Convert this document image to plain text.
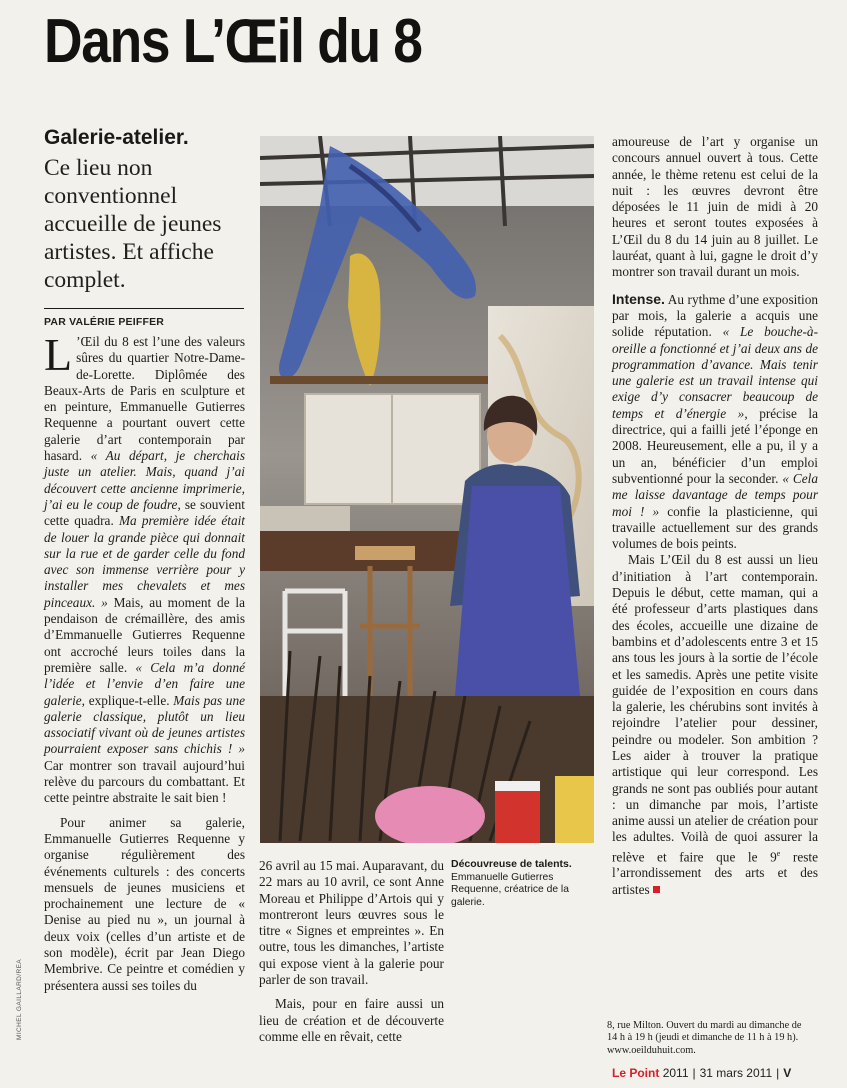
Dans L’Œil du 8
Galerie-atelier.
Ce lieu non conventionnel accueille de jeunes artistes. Et affiche complet.
PAR VALÉRIE PEIFFER

L ’Œil du 8 est l’une des valeurs sûres du quartier Notre-Dame-de-Lorette. Diplômée des Beaux-Arts de Paris en sculpture et en peinture, Emmanuelle Gutierres Requenne a pourtant ouvert cette galerie d’art contemporain par hasard. « Au départ, je cherchais juste un atelier. Mais, quand j’ai découvert cette ancienne imprimerie, j’ai eu le coup de foudre, se souvient cette quadra. Ma première idée était de louer la grande pièce qui donnait sur la rue et de garder celle du fond avec son immense verrière pour y installer mes chevalets et mes pinceaux. » Mais, au moment de la pendaison de crémaillère, des amis d’Emmanuelle Gutierres Requenne ont accroché leurs toiles dans la première salle. « Cela m’a donné l’idée et l’envie d’en faire une galerie, explique-t-elle. Mais pas une galerie classique, plutôt un lieu associatif vivant où de jeunes artistes pourraient exposer sans chichis ! » Car montrer son travail aujourd’hui relève du parcours du combattant. Et cette peintre abstraite le sait bien !

Pour animer sa galerie, Emmanuelle Gutierres Requenne y organise régulièrement des événements culturels : des concerts mensuels de jeunes musiciens et prochainement une lecture de « Denise au pied nu », un journal à deux voix (celles d’un artiste et de son modèle), écrit par Jean Diego Membrive. Ce peintre et comédien y présentera aussi ses toiles du

MICHEL GAILLARD/REA

26 avril au 15 mai. Auparavant, du 22 mars au 10 avril, ce sont Anne Moreau et Philippe d’Artois qui y montreront leurs œuvres sous le titre « Signes et empreintes ». En outre, tous les dimanches, l’artiste qui expose vient à la galerie pour parler de son travail.

Mais, pour en faire aussi un lieu de création et de découverte comme elle en rêvait, cette

Découvreuse de talents. Emmanuelle Gutierres Requenne, créatrice de la galerie.

amoureuse de l’art y organise un concours annuel ouvert à tous. Cette année, le thème retenu est celui de la nuit : les œuvres devront être déposées le 11 juin de midi à 20 heures et seront toutes exposées à L’Œil du 8 du 14 juin au 8 juillet. Le lauréat, quant à lui, gagne le droit d’y montrer son travail durant un mois.

Intense. Au rythme d’une exposition par mois, la galerie a acquis une solide réputation. « Le bouche-à-oreille a fonctionné et j’ai deux ans de programmation d’avance. Mais tenir une galerie est un travail intense qui exige d’y consacrer beaucoup de temps et d’énergie », précise la directrice, qui a failli jeté l’éponge en 2008. Heureusement, elle a pu, il y a un an, bénéficier d’un emploi subventionné pour la seconder. « Cela me laisse davantage de temps pour moi ! » confie la plasticienne, qui travaille actuellement sur des grands volumes de bois peints.

Mais L’Œil du 8 est aussi un lieu d’initiation à l’art contemporain. Depuis le début, cette maman, qui a été professeur d’arts plastiques dans des écoles, accueille une dizaine de bambins et d’adolescents entre 3 et 15 ans tous les jours à la sortie de l’école et les samedis. Après une petite visite guidée de l’exposition en cours dans la galerie, les chérubins sont invités à rejoindre l’atelier pour dessiner, peindre ou modeler. Son ambition ? Les aider à trouver la pratique artistique qui leur correspond. Les grands ne sont pas oubliés pour autant : un dimanche par mois, l’artiste anime aussi un atelier de création pour les adultes. Voilà de quoi assurer la relève et faire que le 9e reste l’arrondissement des arts et des artistes

8, rue Milton. Ouvert du mardi au dimanche de 14 h à 19 h (jeudi et dimanche de 11 h à 19 h). www.oeilduhuit.com.

Le Point 2011 | 31 mars 2011 | V
